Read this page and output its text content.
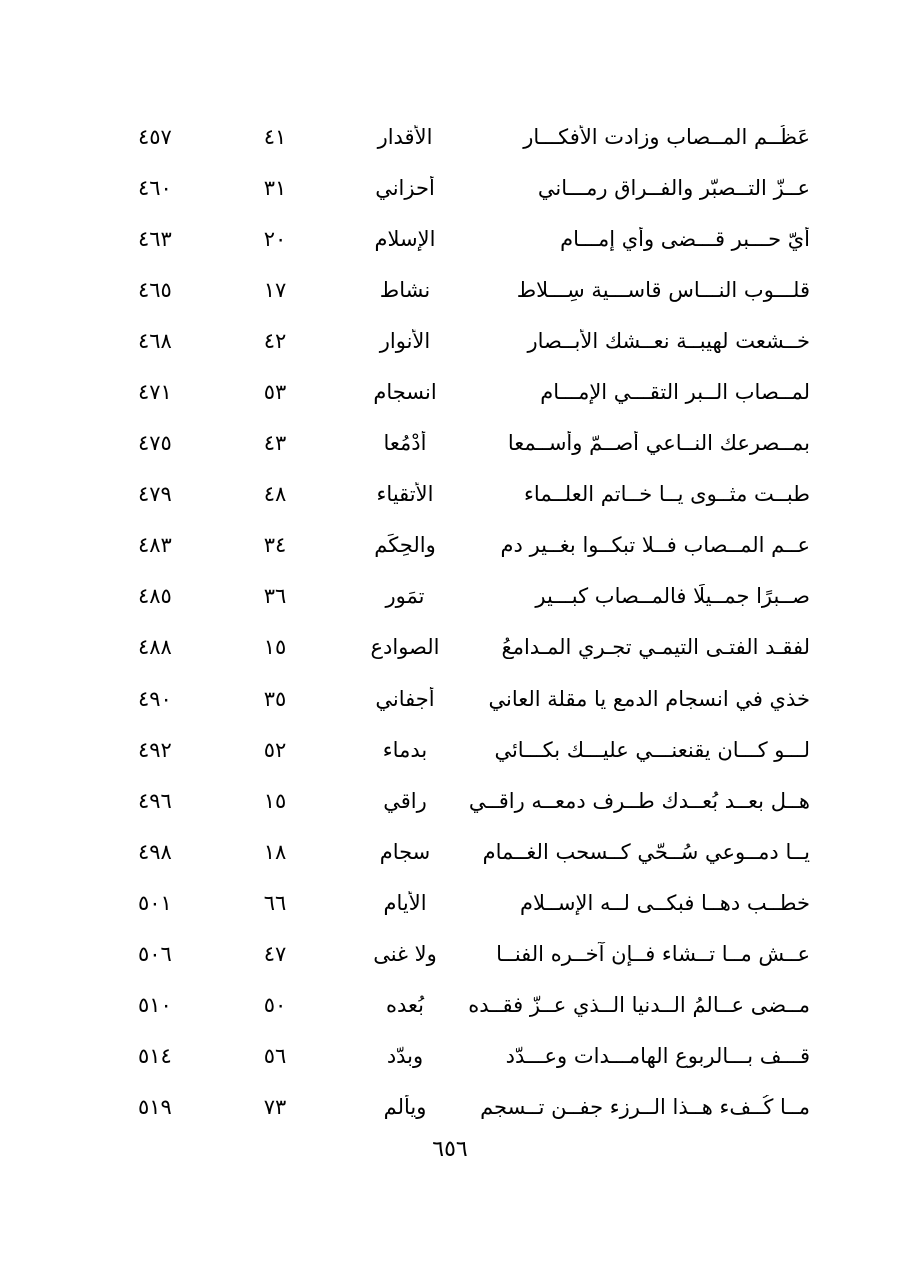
عَظُــم المــصاب وزادت الأفكـــار
الأقدار
٤١
٤٥٧
عــزّ التــصبّر والفــراق رمـــاني
أحزاني
٣١
٤٦٠
أيّ حـــبر قـــضى وأي إمـــام
الإسلام
٢٠
٤٦٣
قلـــوب النـــاس قاســـية سِـــلاط
نشاط
١٧
٤٦٥
خــشعت لهيبــة نعــشك الأبــصار
الأنوار
٤٢
٤٦٨
لمــصاب الــبر التقـــي الإمـــام
انسجام
٥٣
٤٧١
بمــصرعك النــاعي أصــمّ وأســمعا
أدْمُعا
٤٣
٤٧٥
طبــت مثــوى يــا خــاتم العلــماء
الأتقياء
٤٨
٤٧٩
عــم المــصاب فــلا تبكــوا بغــير دم
والحِكَم
٣٤
٤٨٣
صــبرًا جمــيلًا فالمــصاب كبـــير
تمَور
٣٦
٤٨٥
لفقـد الفتـى التيمـي تجـري المـدامعُ
الصوادع
١٥
٤٨٨
خذي في انسجام الدمع يا مقلة العاني
أجفاني
٣٥
٤٩٠
لـــو كـــان يقنعنـــي عليـــك بكـــائي
بدماء
٥٢
٤٩٢
هــل بعــد بُعــدك طــرف دمعــه راقــي
راقي
١٥
٤٩٦
يــا دمــوعي سُــحّي كــسحب الغــمام
سجام
١٨
٤٩٨
خطــب دهــا فبكــى لــه الإســلام
الأيام
٦٦
٥٠١
عــش مــا تــشاء فــإن آخــره الفنــا
ولا غنى
٤٧
٥٠٦
مــضى عــالمُ الــدنيا الــذي عــزّ فقــده
بُعده
٥٠
٥١٠
قـــف بـــالربوع الهامـــدات وعـــدّد
وبدّد
٥٦
٥١٤
مــا كُــفء هــذا الــرزء جفــن تــسجم
ويألم
٧٣
٥١٩
٦٥٦
